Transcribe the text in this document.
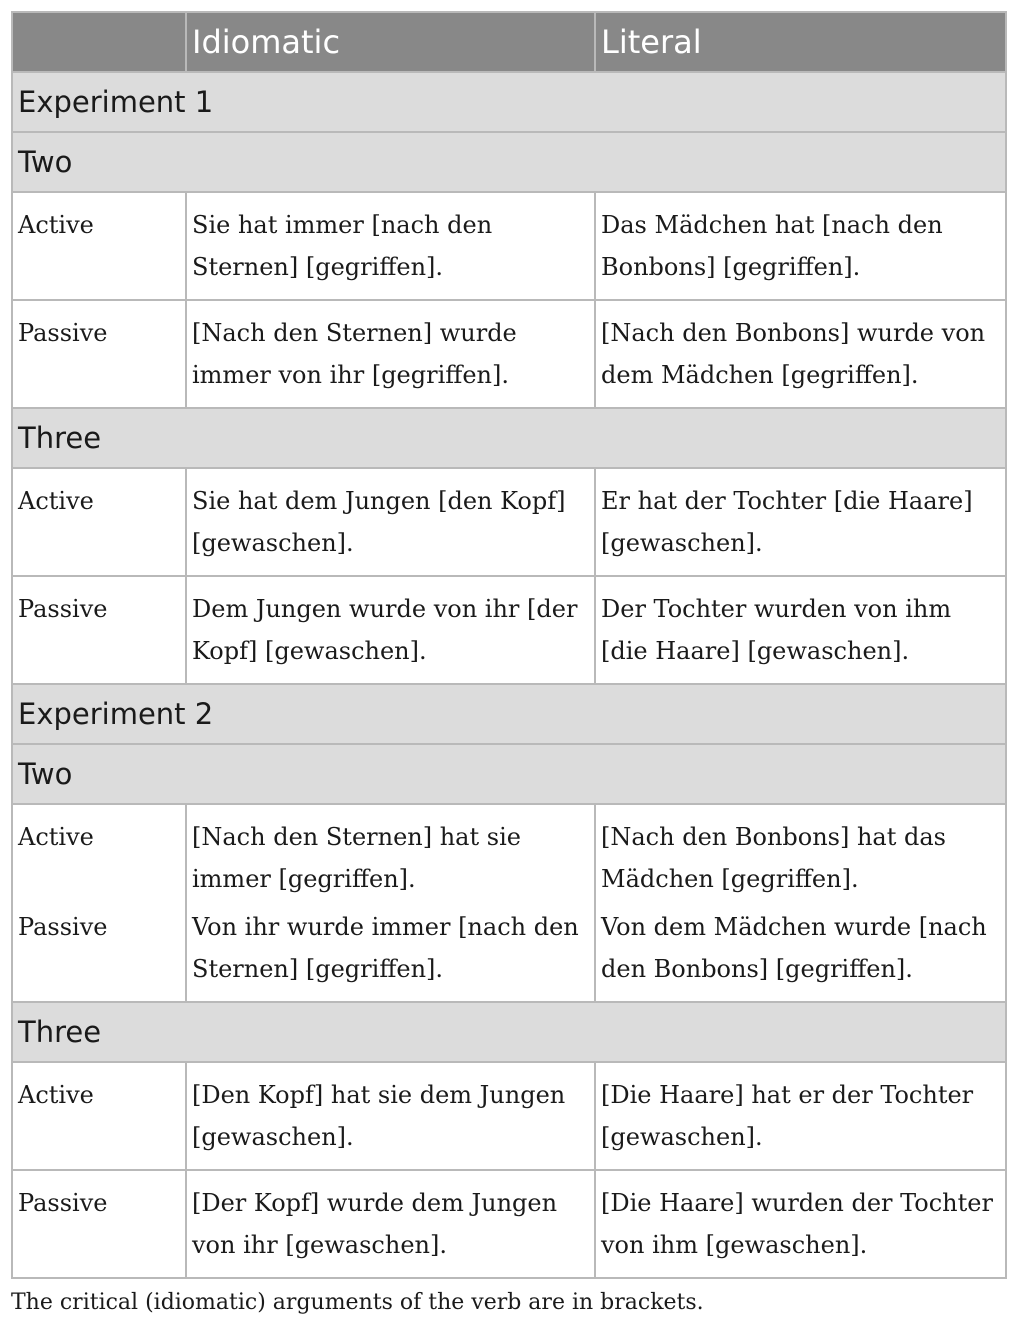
	Idiomatic	Literal
Experiment 1		
Two		
Active	Sie hat immer [nach den Sternen] [gegriffen].	Das Mädchen hat [nach den Bonbons] [gegriffen].
Passive	[Nach den Sternen] wurde immer von ihr [gegriffen].	[Nach den Bonbons] wurde von dem Mädchen [gegriffen].
Three		
Active	Sie hat dem Jungen [den Kopf] [gewaschen].	Er hat der Tochter [die Haare] [gewaschen].
Passive	Dem Jungen wurde von ihr [der Kopf] [gewaschen].	Der Tochter wurden von ihm [die Haare] [gewaschen].
Experiment 2		
Two		
Active	[Nach den Sternen] hat sie immer [gegriffen].	[Nach den Bonbons] hat das Mädchen [gegriffen].
Passive	Von ihr wurde immer [nach den Sternen] [gegriffen].	Von dem Mädchen wurde [nach den Bonbons] [gegriffen].
Three		
Active	[Den Kopf] hat sie dem Jungen [gewaschen].	[Die Haare] hat er der Tochter [gewaschen].
Passive	[Der Kopf] wurde dem Jungen von ihr [gewaschen].	[Die Haare] wurden der Tochter von ihm [gewaschen].

The critical (idiomatic) arguments of the verb are in brackets.
